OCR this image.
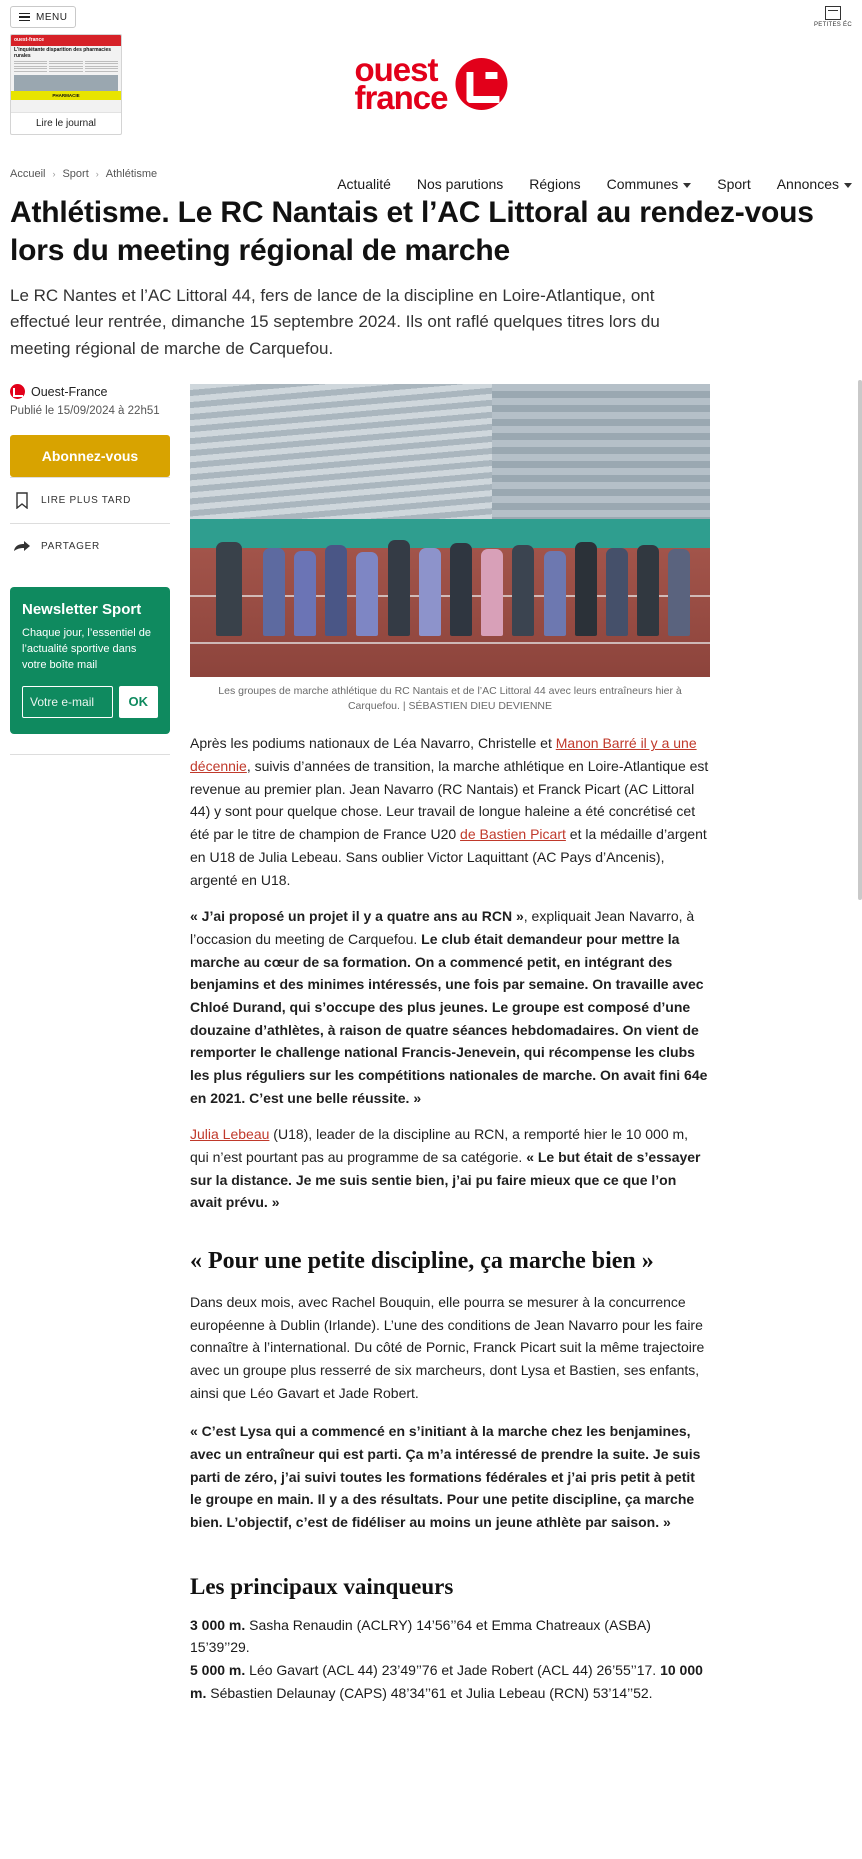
MENU
PETITES ÉC
ouest-france
L'inquiétante disparition des pharmacies rurales
PHARMACIE
Lire le journal
ouest
france
Actualité Nos parutions Régions Communes	Sport Annonces
Accueil › Sport › Athlétisme
Athlétisme. Le RC Nantais et l’AC Littoral au rendez-vous lors du meeting régional de marche

Le RC Nantes et l’AC Littoral 44, fers de lance de la discipline en Loire-Atlantique, ont effectué leur rentrée, dimanche 15 septembre 2024. Ils ont raflé quelques titres lors du meeting régional de marche de Carquefou.

Ouest-France
Publié le 15/09/2024 à 22h51
Abonnez-vous
LIRE PLUS TARD
PARTAGER
Newsletter Sport
Chaque jour, l’essentiel de l’actualité sportive dans votre boîte mail
Votre e-mail
OK
Les groupes de marche athlétique du RC Nantais et de l’AC Littoral 44 avec leurs entraîneurs hier à Carquefou. | SÉBASTIEN DIEU DEVIENNE

Après les podiums nationaux de Léa Navarro, Christelle et Manon Barré il y a une décennie, suivis d’années de transition, la marche athlétique en Loire-Atlantique est revenue au premier plan. Jean Navarro (RC Nantais) et Franck Picart (AC Littoral 44) y sont pour quelque chose. Leur travail de longue haleine a été concrétisé cet été par le titre de champion de France U20 de Bastien Picart et la médaille d’argent en U18 de Julia Lebeau. Sans oublier Victor Laquittant (AC Pays d’Ancenis), argenté en U18.

« J’ai proposé un projet il y a quatre ans au RCN », expliquait Jean Navarro, à l’occasion du meeting de Carquefou. Le club était demandeur pour mettre la marche au cœur de sa formation. On a commencé petit, en intégrant des benjamins et des minimes intéressés, une fois par semaine. On travaille avec Chloé Durand, qui s’occupe des plus jeunes. Le groupe est composé d’une douzaine d’athlètes, à raison de quatre séances hebdomadaires. On vient de remporter le challenge national Francis-Jenevein, qui récompense les clubs les plus réguliers sur les compétitions nationales de marche. On avait fini 64e en 2021. C’est une belle réussite. »

Julia Lebeau (U18), leader de la discipline au RCN, a remporté hier le 10 000 m, qui n’est pourtant pas au programme de sa catégorie. « Le but était de s’essayer sur la distance. Je me suis sentie bien, j’ai pu faire mieux que ce que l’on avait prévu. »

« Pour une petite discipline, ça marche bien »

Dans deux mois, avec Rachel Bouquin, elle pourra se mesurer à la concurrence européenne à Dublin (Irlande). L’une des conditions de Jean Navarro pour les faire connaître à l’international. Du côté de Pornic, Franck Picart suit la même trajectoire avec un groupe plus resserré de six marcheurs, dont Lysa et Bastien, ses enfants, ainsi que Léo Gavart et Jade Robert.

« C’est Lysa qui a commencé en s’initiant à la marche chez les benjamines, avec un entraîneur qui est parti. Ça m’a intéressé de prendre la suite. Je suis parti de zéro, j’ai suivi toutes les formations fédérales et j’ai pris petit à petit le groupe en main. Il y a des résultats. Pour une petite discipline, ça marche bien. L’objectif, c’est de fidéliser au moins un jeune athlète par saison. »

Les principaux vainqueurs
3 000 m. Sasha Renaudin (ACLRY) 14’56’’64 et Emma Chatreaux (ASBA) 15’39’’29.
5 000 m. Léo Gavart (ACL 44) 23’49’’76 et Jade Robert (ACL 44) 26’55’’17. 10 000 m. Sébastien Delaunay (CAPS) 48’34’’61 et Julia Lebeau (RCN) 53’14’’52.
